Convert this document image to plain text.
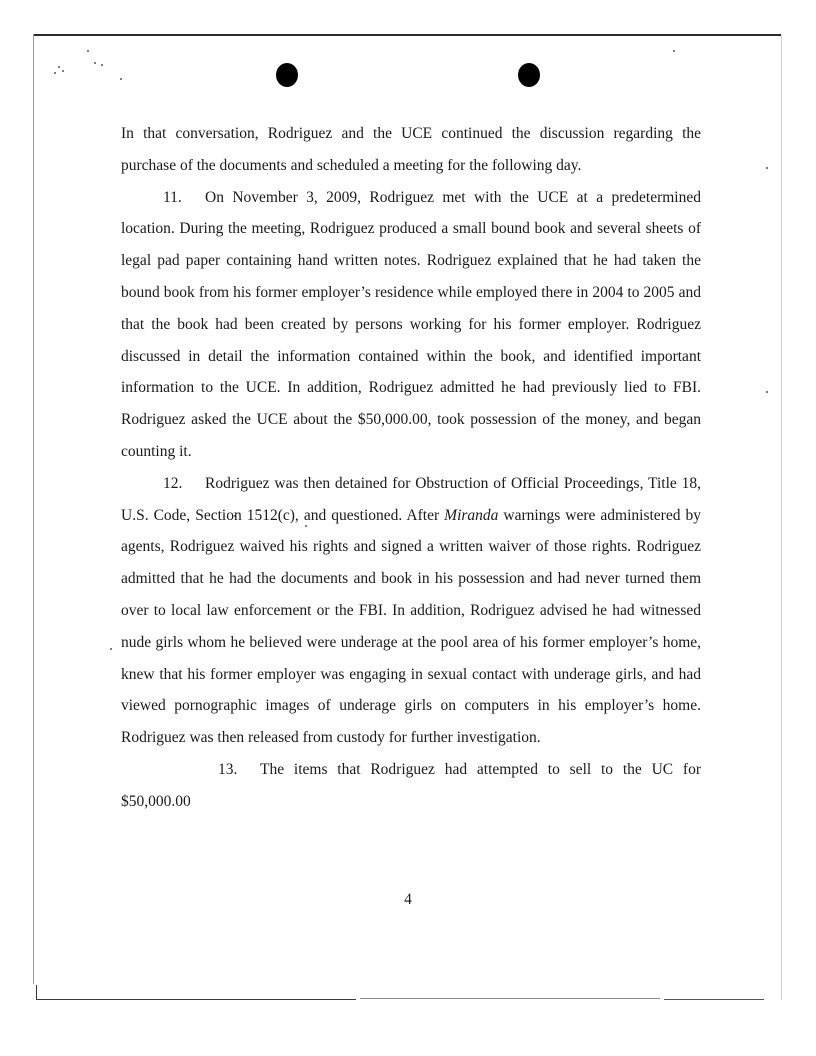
In that conversation, Rodriguez and the UCE continued the discussion regarding the purchase of the documents and scheduled a meeting for the following day.

11. On November 3, 2009, Rodriguez met with the UCE at a predetermined location. During the meeting, Rodriguez produced a small bound book and several sheets of legal pad paper containing hand written notes. Rodriguez explained that he had taken the bound book from his former employer’s residence while employed there in 2004 to 2005 and that the book had been created by persons working for his former employer. Rodriguez discussed in detail the information contained within the book, and identified important information to the UCE. In addition, Rodriguez admitted he had previously lied to FBI. Rodriguez asked the UCE about the $50,000.00, took possession of the money, and began counting it.

12. Rodriguez was then detained for Obstruction of Official Proceedings, Title 18, U.S. Code, Section 1512(c), and questioned. After Miranda warnings were administered by agents, Rodriguez waived his rights and signed a written waiver of those rights. Rodriguez admitted that he had the documents and book in his possession and had never turned them over to local law enforcement or the FBI. In addition, Rodriguez advised he had witnessed nude girls whom he believed were underage at the pool area of his former employer’s home, knew that his former employer was engaging in sexual contact with underage girls, and had viewed pornographic images of underage girls on computers in his employer’s home. Rodriguez was then released from custody for further investigation.

13. The items that Rodriguez had attempted to sell to the UC for $50,000.00

4
